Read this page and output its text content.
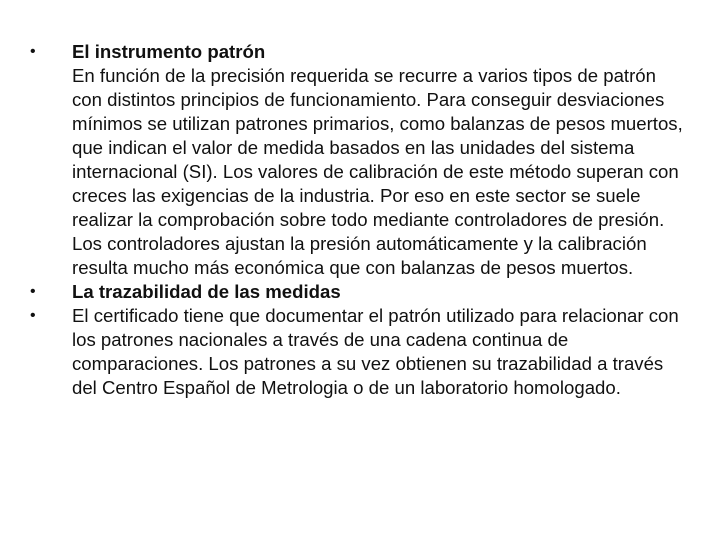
•	El instrumento patrón
En función de la precisión requerida se recurre a varios tipos de patrón con distintos principios de funcionamiento. Para conseguir desviaciones mínimos se utilizan patrones primarios, como balanzas de pesos muertos, que indican el valor de medida basados en las unidades del sistema internacional (SI). Los valores de calibración de este método superan con creces las exigencias de la industria. Por eso en este sector se suele realizar la comprobación sobre todo mediante controladores de presión. Los controladores ajustan la presión automáticamente y la calibración resulta mucho más económica que con balanzas de pesos muertos.
•	La trazabilidad de las medidas
•	El certificado tiene que documentar el patrón utilizado para relacionar con los patrones nacionales a través de una cadena continua de comparaciones. Los patrones a su vez obtienen su trazabilidad a través del Centro Español de Metrologia o de un laboratorio homologado.
